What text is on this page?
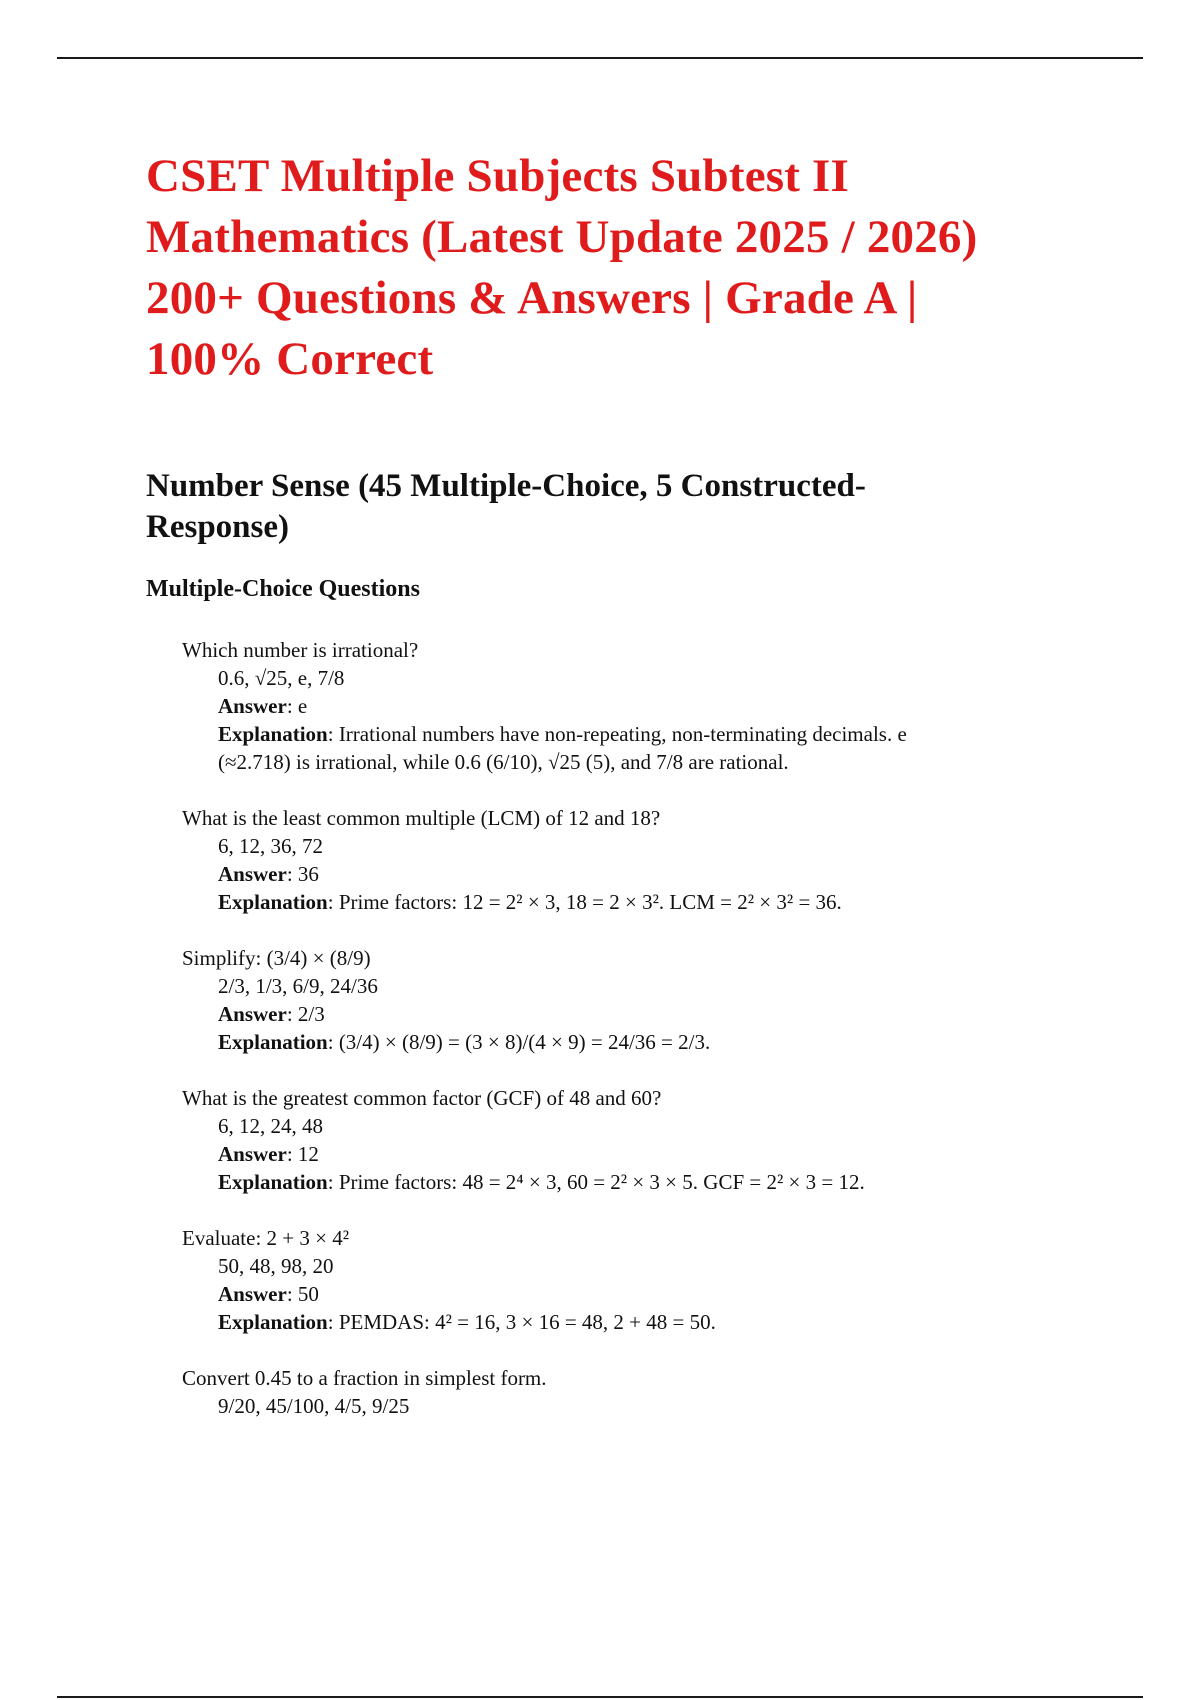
CSET Multiple Subjects Subtest II
Mathematics (Latest Update 2025 / 2026)
200+ Questions & Answers | Grade A |
100% Correct
Number Sense (45 Multiple-Choice, 5 Constructed-
Response)
Multiple-Choice Questions
Which number is irrational?
0.6, √25, e, 7/8
Answer: e
Explanation: Irrational numbers have non-repeating, non-terminating decimals. e
(≈2.718) is irrational, while 0.6 (6/10), √25 (5), and 7/8 are rational.
What is the least common multiple (LCM) of 12 and 18?
6, 12, 36, 72
Answer: 36
Explanation: Prime factors: 12 = 2² × 3, 18 = 2 × 3². LCM = 2² × 3² = 36.
Simplify: (3/4) × (8/9)
2/3, 1/3, 6/9, 24/36
Answer: 2/3
Explanation: (3/4) × (8/9) = (3 × 8)/(4 × 9) = 24/36 = 2/3.
What is the greatest common factor (GCF) of 48 and 60?
6, 12, 24, 48
Answer: 12
Explanation: Prime factors: 48 = 2⁴ × 3, 60 = 2² × 3 × 5. GCF = 2² × 3 = 12.
Evaluate: 2 + 3 × 4²
50, 48, 98, 20
Answer: 50
Explanation: PEMDAS: 4² = 16, 3 × 16 = 48, 2 + 48 = 50.
Convert 0.45 to a fraction in simplest form.
9/20, 45/100, 4/5, 9/25
